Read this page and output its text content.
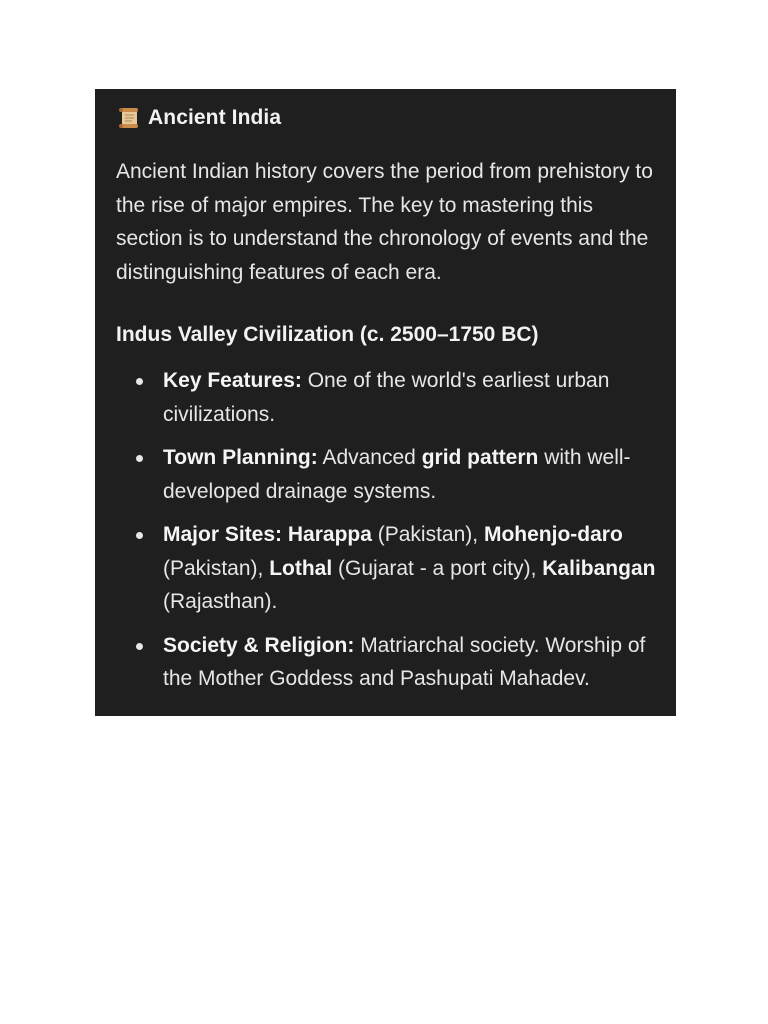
Ancient India

Ancient Indian history covers the period from prehistory to the rise of major empires. The key to mastering this section is to understand the chronology of events and the distinguishing features of each era.

Indus Valley Civilization (c. 2500–1750 BC)
Key Features: One of the world's earliest urban civilizations.
Town Planning: Advanced grid pattern with well-developed drainage systems.
Major Sites: Harappa (Pakistan), Mohenjo-daro (Pakistan), Lothal (Gujarat - a port city), Kalibangan (Rajasthan).
Society & Religion: Matriarchal society. Worship of the Mother Goddess and Pashupati Mahadev.
